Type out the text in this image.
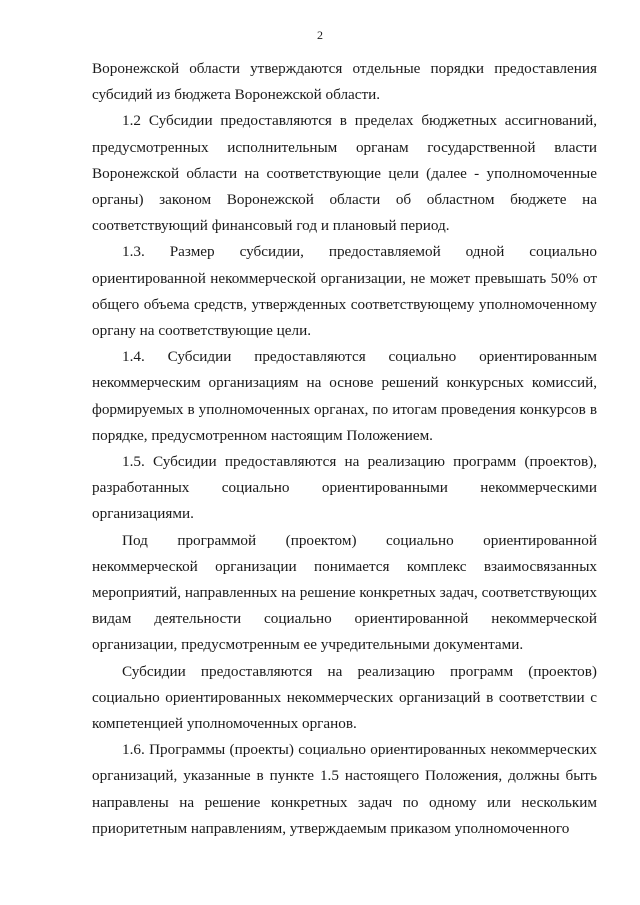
2

Воронежской области утверждаются отдельные порядки предоставления субсидий из бюджета Воронежской области.

1.2 Субсидии предоставляются в пределах бюджетных ассигнований, предусмотренных исполнительным органам государственной власти Воронежской области на соответствующие цели (далее - уполномоченные органы) законом Воронежской области об областном бюджете на соответствующий финансовый год и плановый период.

1.3. Размер субсидии, предоставляемой одной социально ориентированной некоммерческой организации, не может превышать 50% от общего объема средств, утвержденных соответствующему уполномоченному органу на соответствующие цели.

1.4. Субсидии предоставляются социально ориентированным некоммерческим организациям на основе решений конкурсных комиссий, формируемых в уполномоченных органах, по итогам проведения конкурсов в порядке, предусмотренном настоящим Положением.

1.5. Субсидии предоставляются на реализацию программ (проектов), разработанных социально ориентированными некоммерческими организациями.

Под программой (проектом) социально ориентированной некоммерческой организации понимается комплекс взаимосвязанных мероприятий, направленных на решение конкретных задач, соответствующих видам деятельности социально ориентированной некоммерческой организации, предусмотренным ее учредительными документами.

Субсидии предоставляются на реализацию программ (проектов) социально ориентированных некоммерческих организаций в соответствии с компетенцией уполномоченных органов.

1.6. Программы (проекты) социально ориентированных некоммерческих организаций, указанные в пункте 1.5 настоящего Положения, должны быть направлены на решение конкретных задач по одному или нескольким приоритетным направлениям, утверждаемым приказом уполномоченного
